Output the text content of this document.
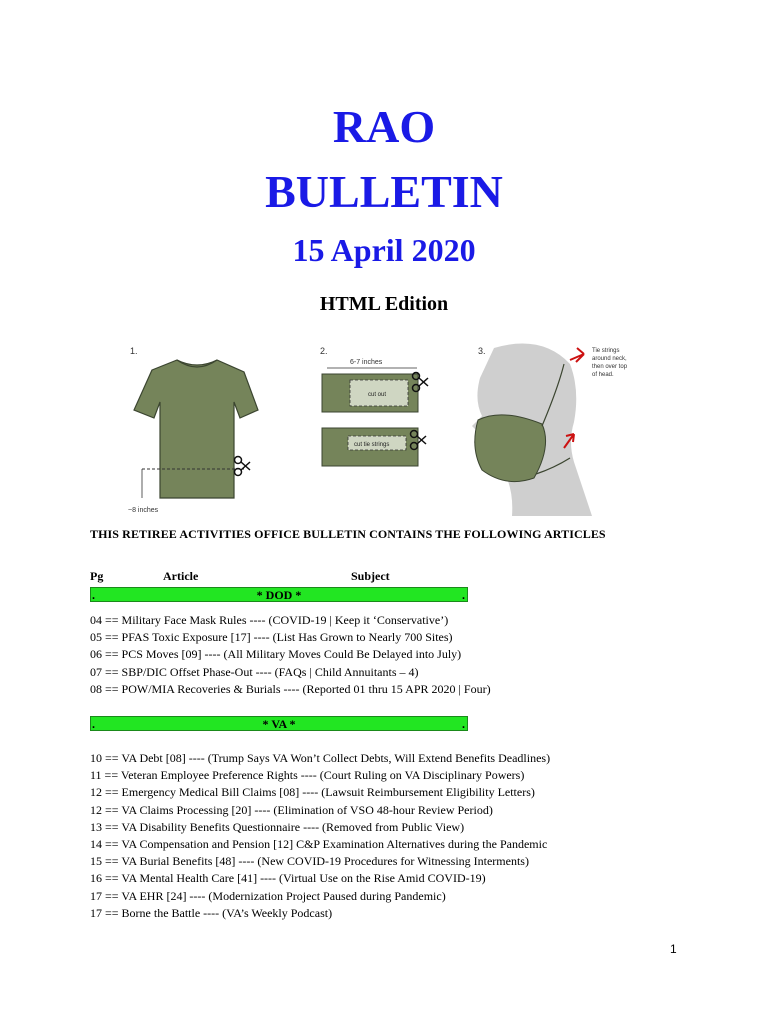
RAO
BULLETIN
15 April 2020
HTML Edition
1.
~8 inches
2.
6-7 inches
cut out
cut tie strings
3.	Tie strings
around neck,
then over top
of head.
THIS RETIREE ACTIVITIES OFFICE BULLETIN CONTAINS THE FOLLOWING ARTICLES
Pg	Article	Subject
.	* DOD *	.
04 == Military Face Mask Rules ---- (COVID-19 | Keep it ‘Conservative’)
05 == PFAS Toxic Exposure [17] ---- (List Has Grown to Nearly 700 Sites)
06 == PCS Moves [09] ---- (All Military Moves Could Be Delayed into July)
07 == SBP/DIC Offset Phase-Out ---- (FAQs | Child Annuitants – 4)
08 == POW/MIA Recoveries & Burials ---- (Reported 01 thru 15 APR 2020 | Four)
.	* VA *	.
10 == VA Debt [08] ---- (Trump Says VA Won’t Collect Debts, Will Extend Benefits Deadlines)
11 == Veteran Employee Preference Rights ---- (Court Ruling on VA Disciplinary Powers)
12 == Emergency Medical Bill Claims [08] ---- (Lawsuit Reimbursement Eligibility Letters)
12 == VA Claims Processing [20] ---- (Elimination of VSO 48-hour Review Period)
13 == VA Disability Benefits Questionnaire ---- (Removed from Public View)
14 == VA Compensation and Pension [12] C&P Examination Alternatives during the Pandemic
15 == VA Burial Benefits [48] ---- (New COVID-19 Procedures for Witnessing Interments)
16 == VA Mental Health Care [41] ---- (Virtual Use on the Rise Amid COVID-19)
17 == VA EHR [24] ---- (Modernization Project Paused during Pandemic)
17 == Borne the Battle ---- (VA’s Weekly Podcast)
1
